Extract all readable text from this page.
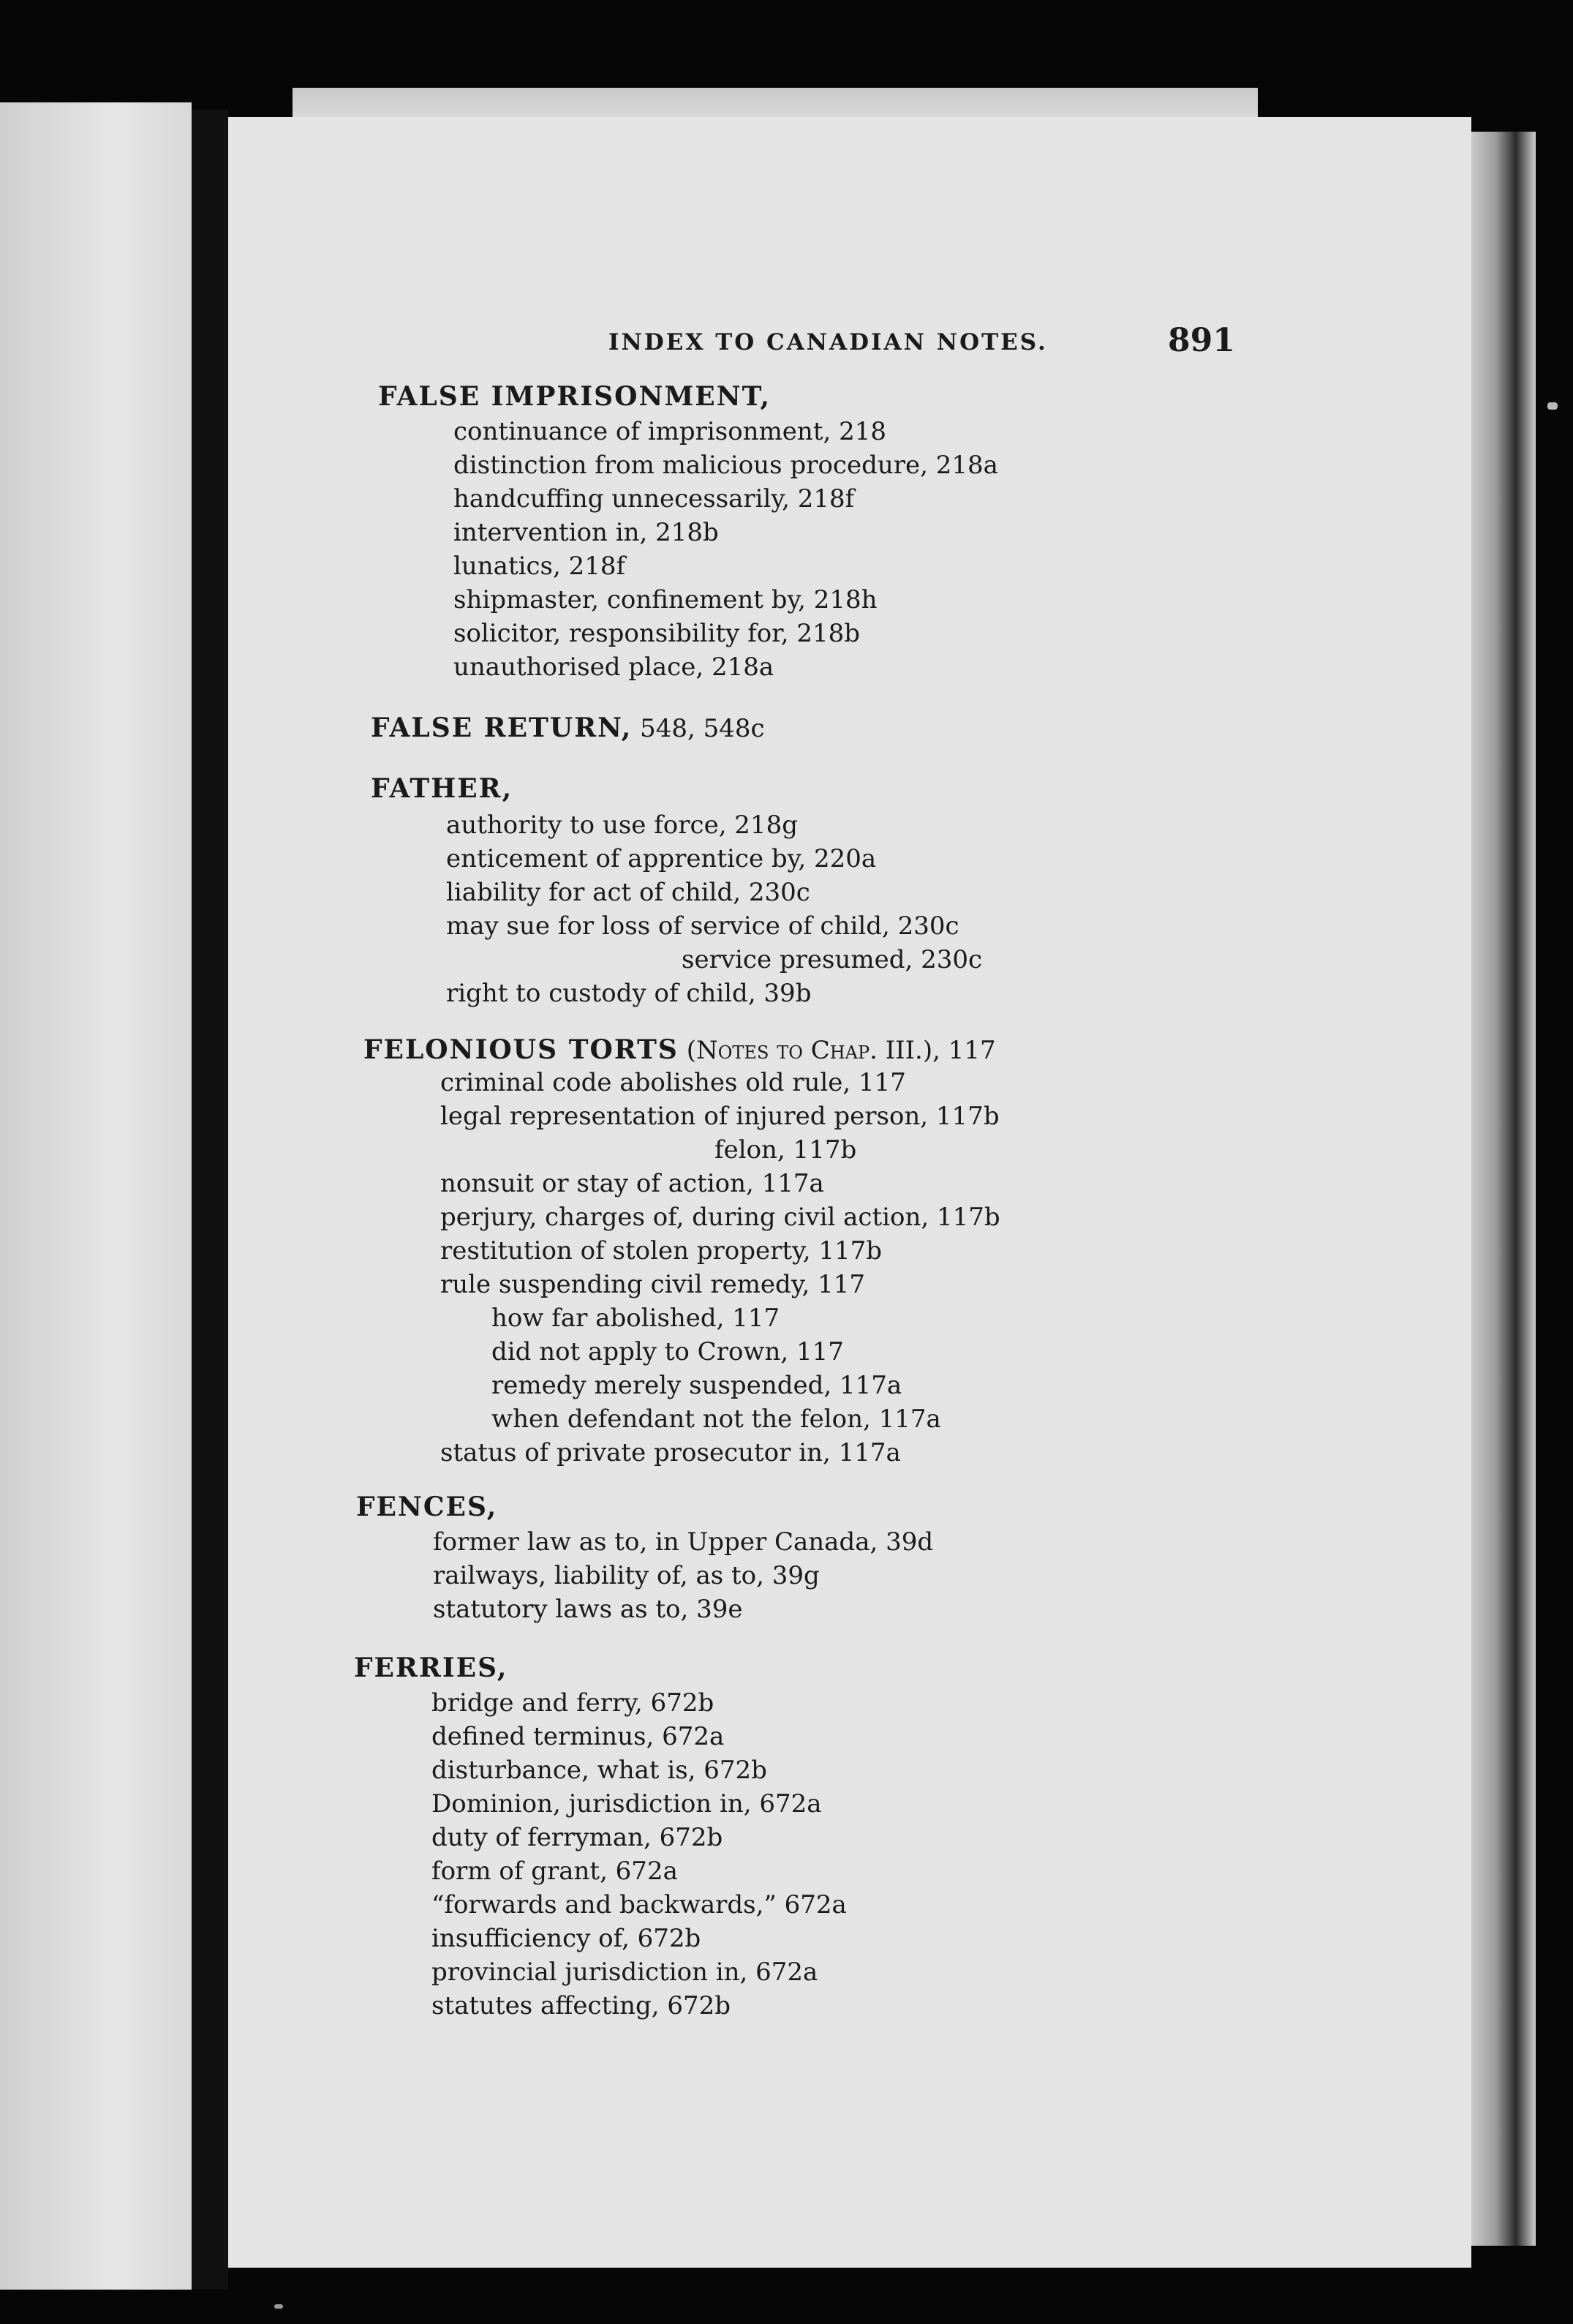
INDEX TO CANADIAN NOTES.	891
FALSE IMPRISONMENT,
continuance of imprisonment, 218
distinction from malicious procedure, 218a
handcuffing unnecessarily, 218f
intervention in, 218b
lunatics, 218f
shipmaster, confinement by, 218h
solicitor, responsibility for, 218b
unauthorised place, 218a
FALSE RETURN, 548, 548c
FATHER,
authority to use force, 218g
enticement of apprentice by, 220a
liability for act of child, 230c
may sue for loss of service of child, 230c
service presumed, 230c
right to custody of child, 39b
FELONIOUS TORTS (Notes to Chap. III.), 117
criminal code abolishes old rule, 117
legal representation of injured person, 117b
felon, 117b
nonsuit or stay of action, 117a
perjury, charges of, during civil action, 117b
restitution of stolen property, 117b
rule suspending civil remedy, 117
how far abolished, 117
did not apply to Crown, 117
remedy merely suspended, 117a
when defendant not the felon, 117a
status of private prosecutor in, 117a
FENCES,
former law as to, in Upper Canada, 39d
railways, liability of, as to, 39g
statutory laws as to, 39e
FERRIES,
bridge and ferry, 672b
defined terminus, 672a
disturbance, what is, 672b
Dominion, jurisdiction in, 672a
duty of ferryman, 672b
form of grant, 672a
“forwards and backwards,” 672a
insufficiency of, 672b
provincial jurisdiction in, 672a
statutes affecting, 672b
